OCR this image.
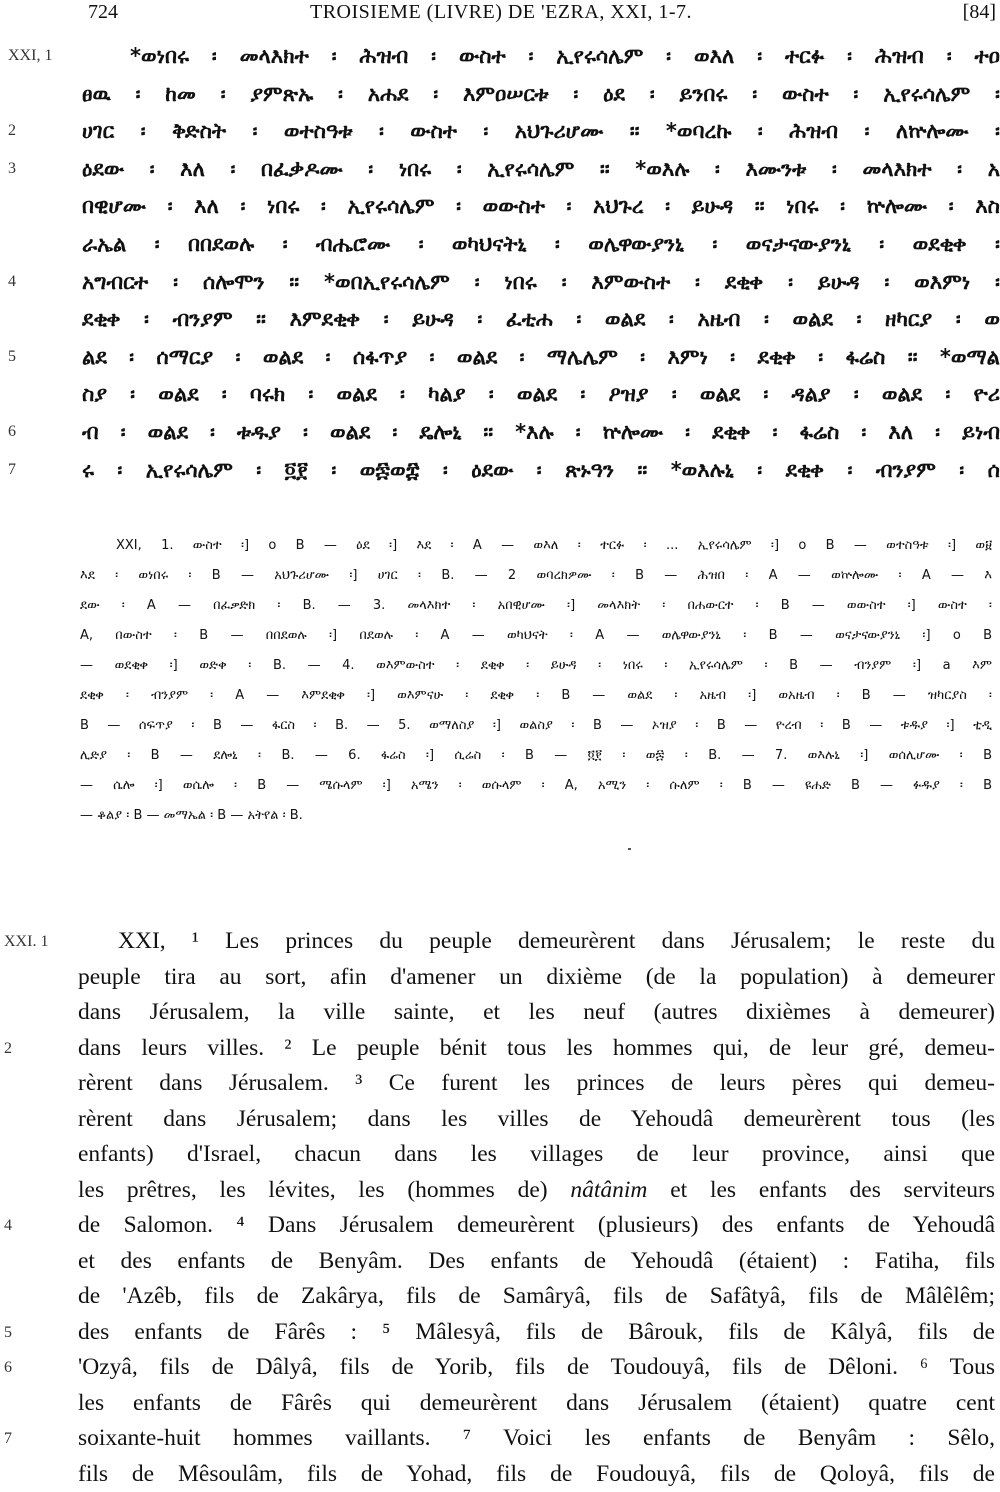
724	TROISIEME (LIVRE) DE 'EZRA, XXI, 1-7.	[84]
*ወነበሩ ፡ መላእክተ ፡ ሕዝብ ፡ ውስተ ፡ ኢየሩሳሌም ፡ ወእለ ፡ ተርፉ ፡ ሕዝብ ፡ ተዐ
ፀዉ ፡ ከመ ፡ ያምጽኡ ፡ አሐደ ፡ እምዐሠርቱ ፡ ዕደ ፡ ይንበሩ ፡ ውስተ ፡ ኢየሩሳሌም ፡
ሀገር ፡ ቅድስት ፡ ወተስዓቱ ፡ ውስተ ፡ አህጉሪሆሙ ። *ወባረኩ ፡ ሕዝብ ፡ ለኵሎሙ ፡
ዕደው ፡ እለ ፡ በፈቃዶሙ ፡ ነበሩ ፡ ኢየሩሳሌም ። *ወእሉ ፡ እሙንቱ ፡ መላእክተ ፡ አ
በዊሆሙ ፡ እለ ፡ ነበሩ ፡ ኢየሩሳሌም ፡ ወውስተ ፡ አህጉረ ፡ ይሁዳ ። ነበሩ ፡ ኵሎሙ ፡ እስ
ራኤል ፡ በበደወሉ ፡ ብሔሮሙ ፡ ወካህናትኒ ፡ ወሌዋውያንኒ ፡ ወናታናውያንኒ ፡ ወደቂቀ ፡
አግብርተ ፡ ሰሎሞን ። *ወበኢየሩሳሌም ፡ ነበሩ ፡ እምውስተ ፡ ደቂቀ ፡ ይሁዳ ፡ ወእምነ ፡
ደቂቀ ፡ ብንያም ። እምደቂቀ ፡ ይሁዳ ፡ ፈቲሐ ፡ ወልደ ፡ አዜብ ፡ ወልደ ፡ ዘካርያ ፡ ወ
ልደ ፡ ሰማርያ ፡ ወልደ ፡ ሰፋጥያ ፡ ወልደ ፡ ማሌሌም ፡ እምነ ፡ ደቂቀ ፡ ፋሬስ ። *ወማል
ስያ ፡ ወልደ ፡ ባሩክ ፡ ወልደ ፡ ካልያ ፡ ወልደ ፡ ዖዝያ ፡ ወልደ ፡ ዳልያ ፡ ወልደ ፡ ዮሪ
ብ ፡ ወልደ ፡ ቱዱያ ፡ ወልደ ፡ ዴሎኒ ። *እሉ ፡ ኵሎሙ ፡ ደቂቀ ፡ ፋሬስ ፡ እለ ፡ ይነብ
ሩ ፡ ኢየሩሳሌም ፡ ፬፻ ፡ ወ፷ወ፰ ፡ ዕደው ፡ ጽኑዓን ። *ወእሉኒ ፡ ደቂቀ ፡ ብንያም ፡ ሰ
XXI, 1. ውስተ ፡] o B — ዕደ ፡] እደ ፡ A — ወእለ ፡ ተርፉ ፡ ... ኢየሩሳሌም ፡] o B — ወተስዓቱ ፡] ወ፱
እደ ፡ ወነበሩ ፡ B — አህጉሪሆሙ ፡] ሀገር ፡ B. — 2 ወባረክዎሙ ፡ B — ሕዝበ ፡ A — ወኵሎሙ ፡ A — እ
ደው ፡ A — በፈቃድክ ፡ B. — 3. መላእክተ ፡ አበዊሆሙ ፡] መላእክት ፡ በሐውርተ ፡ B — ወውስተ ፡] ውስተ ፡
A, በውስተ ፡ B — በበደወሉ ፡] በደወሉ ፡ A — ወካህናት ፡ A — ወሌዋውያንኒ ፡ B — ወናታናውያንኒ ፡] o B
— ወደቂቀ ፡] ወድቀ ፡ B. — 4. ወእምውስተ ፡ ደቂቀ ፡ ይሁዳ ፡ ነበሩ ፡ ኢየሩሳሌም ፡ B — ብንያም ፡] a እም
ደቂቀ ፡ ብንያም ፡ A — እምደቂቀ ፡] ወእምናሁ ፡ ደቂቀ ፡ B — ወልደ ፡ አዜብ ፡] ወአዜብ ፡ B — ዝካርያስ ፡
B — ሰፍጥያ ፡ B — ፋርስ ፡ B. — 5. ወማለስያ ፡] ወልስያ ፡ B — ኦዝያ ፡ B — ዮረብ ፡ B — ቱዱያ ፡] ቲዲ
ሊድያ ፡ B — ደሎኒ ፡ B. — 6. ፋሬስ ፡] ሲሬስ ፡ B — ፬፻ ፡ ወ፷ ፡ B. — 7. ወእሉኒ ፡] ወሰሊሆሙ ፡ B
— ሴሎ ፡] ወሴሎ ፡ B — ሜሱላም ፡] አሜን ፡ ወሱላም ፡ A, አሚን ፡ ሱለም ፡ B — ዩሐድ B — ፉዱያ ፡ B
— ቆልያ ፡ B — መማኤል ፡ B — አትየል ፡ B.
XXI, ¹ Les princes du peuple demeurèrent dans Jérusalem; le reste du
peuple tira au sort, afin d'amener un dixième (de la population) à demeurer
dans Jérusalem, la ville sainte, et les neuf (autres dixièmes à demeurer)
dans leurs villes. ² Le peuple bénit tous les hommes qui, de leur gré, demeu-
rèrent dans Jérusalem. ³ Ce furent les princes de leurs pères qui demeu-
rèrent dans Jérusalem; dans les villes de Yehoudâ demeurèrent tous (les
enfants) d'Israel, chacun dans les villages de leur province, ainsi que
les prêtres, les lévites, les (hommes de) nâtânim et les enfants des serviteurs
de Salomon. ⁴ Dans Jérusalem demeurèrent (plusieurs) des enfants de Yehoudâ
et des enfants de Benyâm. Des enfants de Yehoudâ (étaient) : Fatiha, fils
de 'Azêb, fils de Zakârya, fils de Samâryâ, fils de Safâtyâ, fils de Mâlêlêm;
des enfants de Fârês : ⁵ Mâlesyâ, fils de Bârouk, fils de Kâlyâ, fils de
'Ozyâ, fils de Dâlyâ, fils de Yorib, fils de Toudouyâ, fils de Dêloni. ⁶ Tous
les enfants de Fârês qui demeurèrent dans Jérusalem (étaient) quatre cent
soixante-huit hommes vaillants. ⁷ Voici les enfants de Benyâm : Sêlo,
fils de Mêsoulâm, fils de Yohad, fils de Foudouyâ, fils de Qoloyâ, fils de
XXI, 1
2
3
4
5
6
7
XXI. 1
2
4
5
6
7
